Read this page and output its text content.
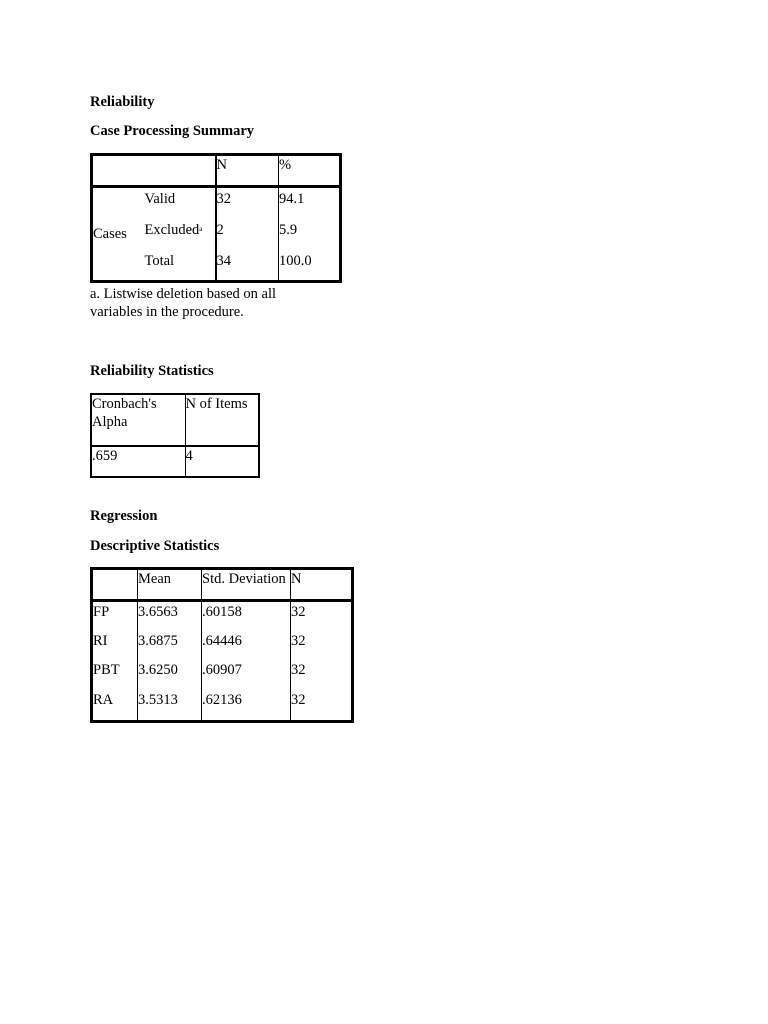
Reliability
Case Processing Summary
		N	%
Cases	Valid	32	94.1
	Excluded$^a$	2	5.9
	Total	34	100.0
a. Listwise deletion based on all variables in the procedure.
Reliability Statistics
Cronbach's Alpha	N of Items
.659	4
Regression
Descriptive Statistics
	Mean	Std. Deviation	N
FP	3.6563	.60158	32
RI	3.6875	.64446	32
PBT	3.6250	.60907	32
RA	3.5313	.62136	32
